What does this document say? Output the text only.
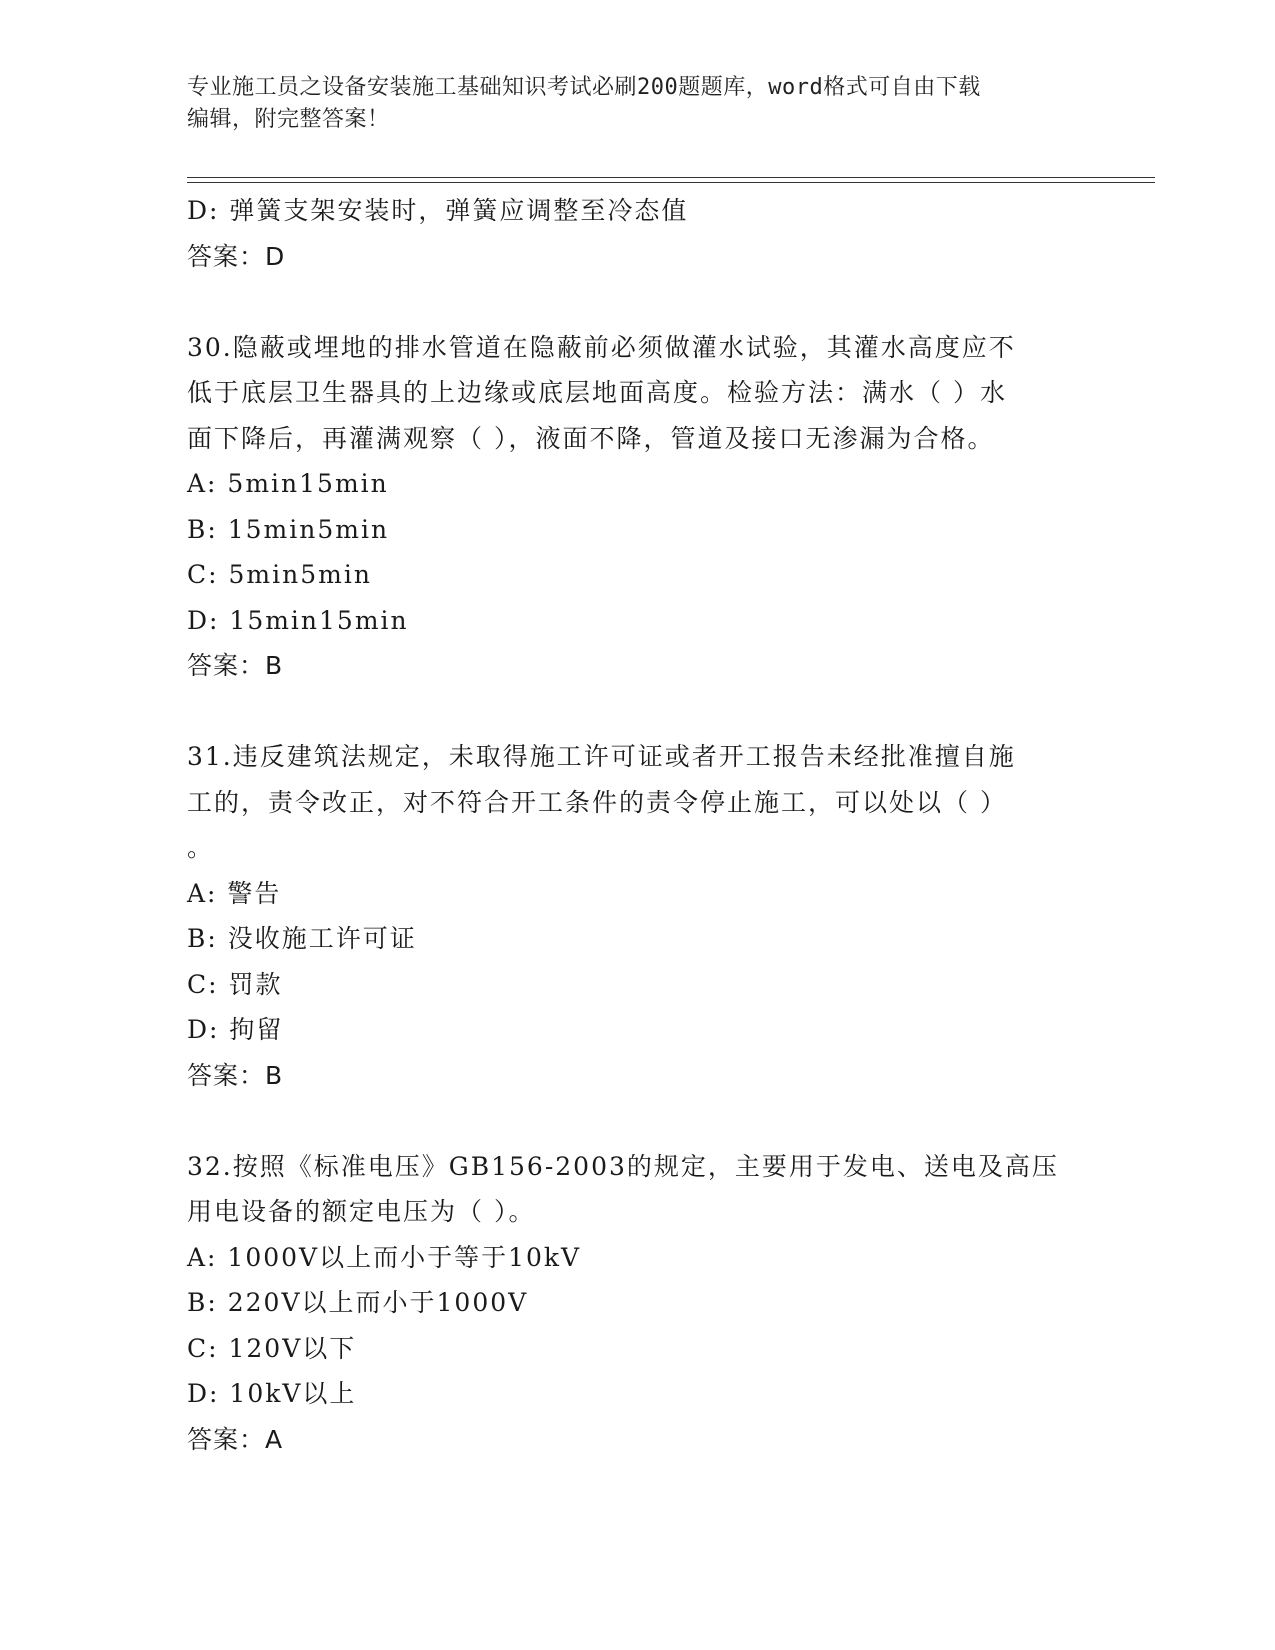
专业施工员之设备安装施工基础知识考试必刷200题题库，word格式可自由下载
编辑，附完整答案！
D: 弹簧支架安装时，弹簧应调整至冷态值
答案：D
30.隐蔽或埋地的排水管道在隐蔽前必须做灌水试验，其灌水高度应不
低于底层卫生器具的上边缘或底层地面高度。检验方法：满水（ ）水
面下降后，再灌满观察（ ），液面不降，管道及接口无渗漏为合格。
A: 5min15min
B: 15min5min
C: 5min5min
D: 15min15min
答案：B
31.违反建筑法规定，未取得施工许可证或者开工报告未经批准擅自施
工的，责令改正，对不符合开工条件的责令停止施工，可以处以（ ）
。
A: 警告
B: 没收施工许可证
C: 罚款
D: 拘留
答案：B
32.按照《标准电压》GB156-2003的规定，主要用于发电、送电及高压
用电设备的额定电压为（ ）。
A: 1000V以上而小于等于10kV
B: 220V以上而小于1000V
C: 120V以下
D: 10kV以上
答案：A
